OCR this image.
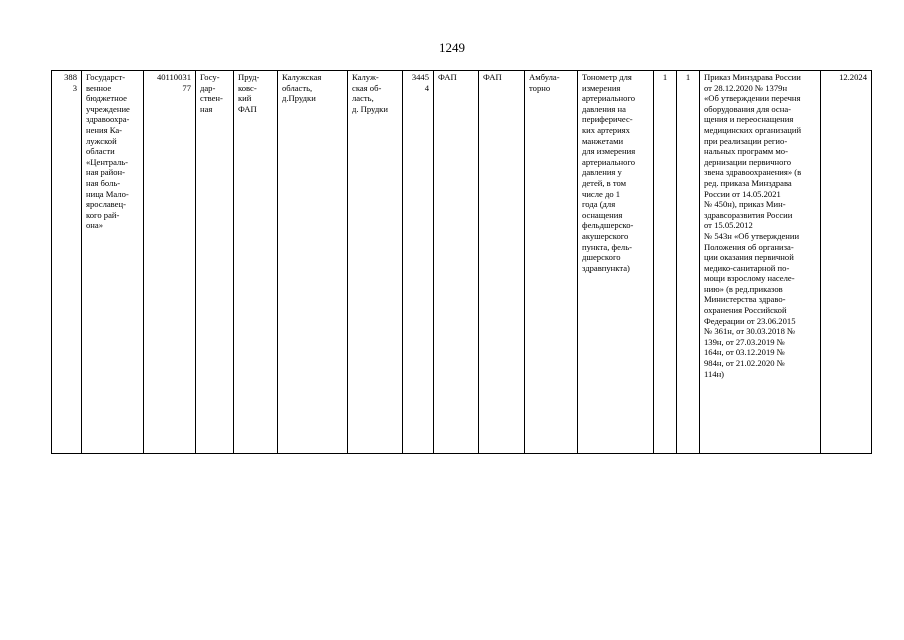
1249
388
3	Государст-
венное
бюджетное
учреждение
здравоохра-
нения Ка-
лужской
области
«Централь-
ная район-
ная боль-
ница Мало-
ярославец-
кого рай-
она»	40110031
77	Госу-
дар-
ствен-
ная	Пруд-
ковс-
кий
ФАП	Калужская
область,
д.Прудки	Калуж-
ская об-
ласть,
д. Прудки	3445
4	ФАП	ФАП	Амбула-
торно	Тонометр для
измерения
артериального
давления на
периферичес-
ких артериях
манжетами
для измерения
артериального
давления у
детей, в том
числе до 1
года (для
оснащения
фельдшерско-
акушерского
пункта, фель-
дшерского
здравпункта)	1	1	Приказ Минздрава России
от 28.12.2020 № 1379н
«Об утверждении перечня
оборудования для осна-
щения и переоснащения
медицинских организаций
при реализации регио-
нальных программ мо-
дернизации первичного
звена здравоохранения» (в
ред. приказа Минздрава
России от 14.05.2021
№ 450н), приказ Мин-
здравсоразвития России
от 15.05.2012
№ 543н «Об утверждении
Положения об организа-
ции оказания первичной
медико-санитарной по-
мощи взрослому населе-
нию» (в ред.приказов
Министерства здраво-
охранения Российской
Федерации от 23.06.2015
№ 361н, от 30.03.2018 №
139н, от 27.03.2019 №
164н, от 03.12.2019 №
984н, от 21.02.2020 №
114н)	12.2024
